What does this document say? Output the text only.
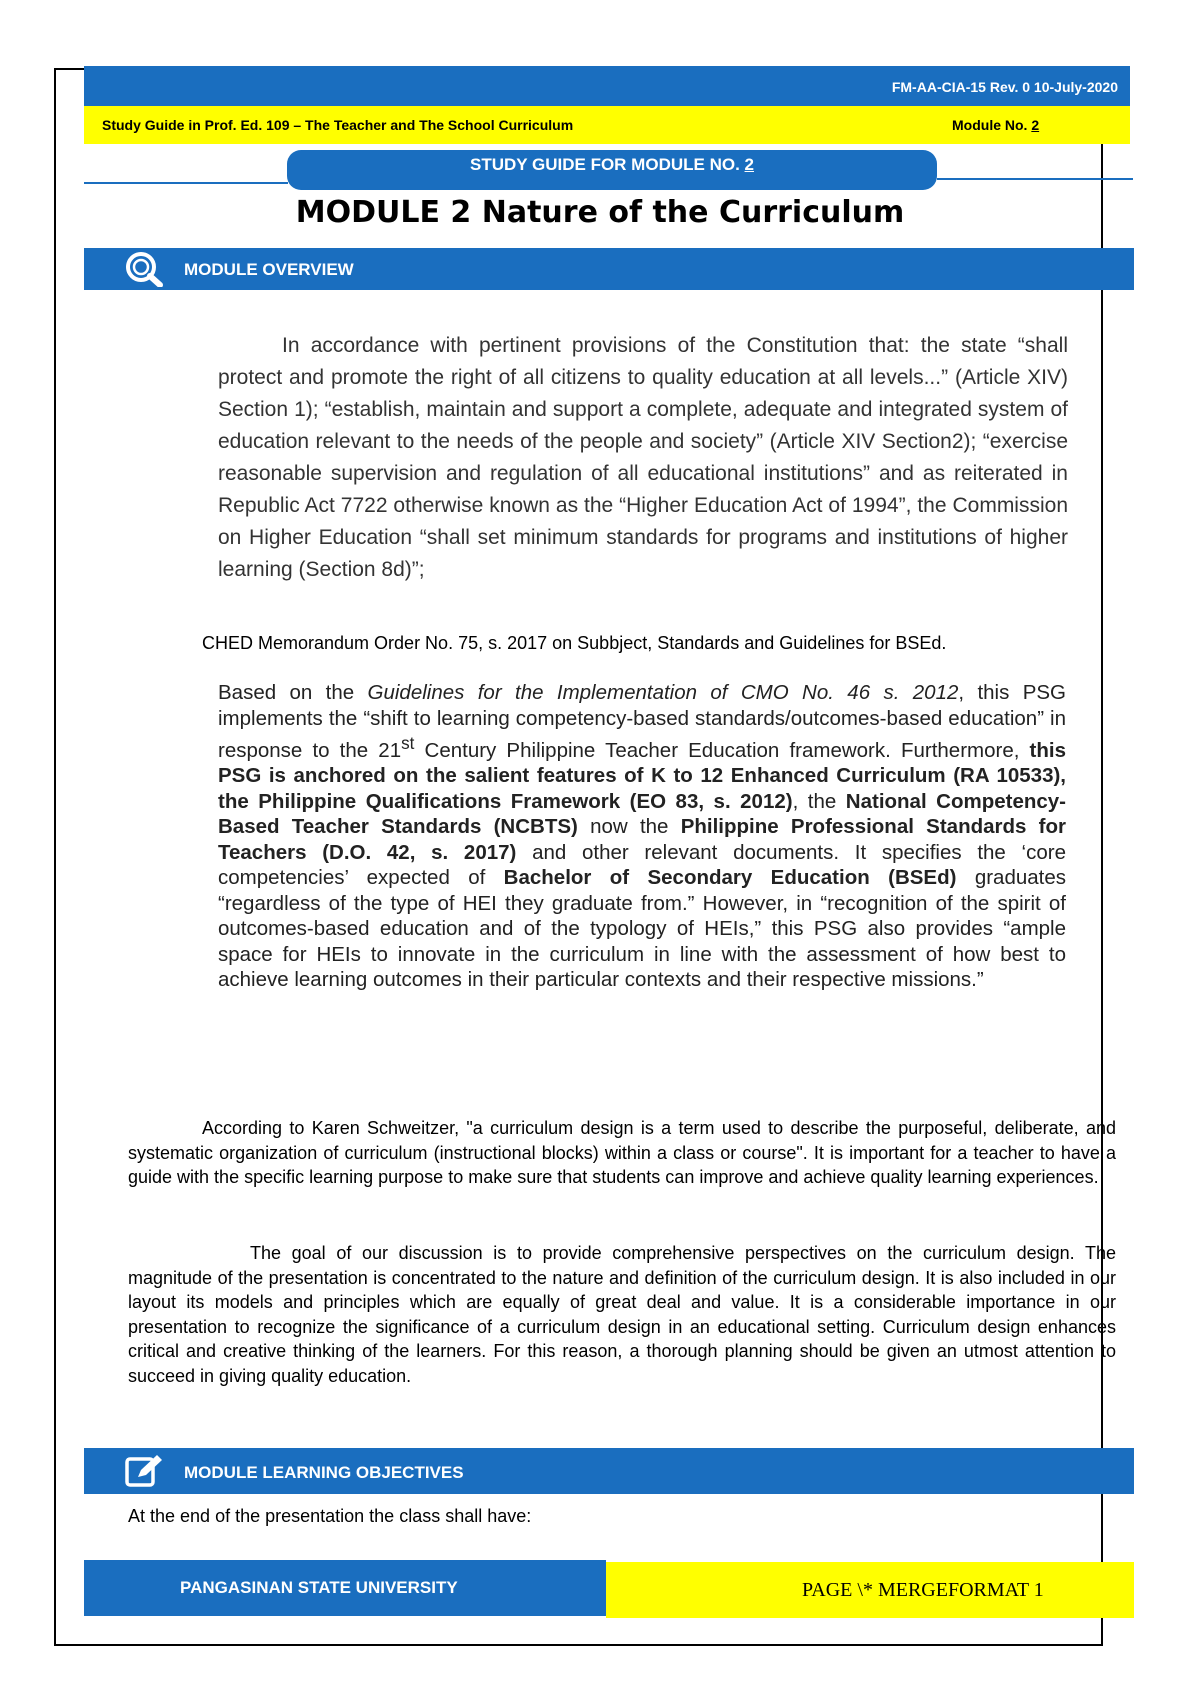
FM-AA-CIA-15 Rev. 0 10-July-2020
Study Guide in Prof. Ed. 109 – The Teacher and The School Curriculum	Module No. 2
STUDY GUIDE FOR MODULE NO. 2
MODULE 2 Nature of the Curriculum
MODULE OVERVIEW
In accordance with pertinent provisions of the Constitution that: the state “shall protect and promote the right of all citizens to quality education at all levels...” (Article XIV) Section 1); “establish, maintain and support a complete, adequate and integrated system of education relevant to the needs of the people and society” (Article XIV Section2); “exercise reasonable supervision and regulation of all educational institutions” and as reiterated in Republic Act 7722 otherwise known as the “Higher Education Act of 1994”, the Commission on Higher Education “shall set minimum standards for programs and institutions of higher learning (Section 8d)”;
CHED Memorandum Order No. 75, s. 2017 on Subbject, Standards and Guidelines for BSEd.
Based on the Guidelines for the Implementation of CMO No. 46 s. 2012, this PSG implements the “shift to learning competency-based standards/outcomes-based education” in response to the 21st Century Philippine Teacher Education framework. Furthermore, this PSG is anchored on the salient features of K to 12 Enhanced Curriculum (RA 10533), the Philippine Qualifications Framework (EO 83, s. 2012), the National Competency-Based Teacher Standards (NCBTS) now the Philippine Professional Standards for Teachers (D.O. 42, s. 2017) and other relevant documents. It specifies the ‘core competencies’ expected of Bachelor of Secondary Education (BSEd) graduates “regardless of the type of HEI they graduate from.” However, in “recognition of the spirit of outcomes-based education and of the typology of HEIs,” this PSG also provides “ample space for HEIs to innovate in the curriculum in line with the assessment of how best to achieve learning outcomes in their particular contexts and their respective missions.”
According to Karen Schweitzer, "a curriculum design is a term used to describe the purposeful, deliberate, and systematic organization of curriculum (instructional blocks) within a class or course". It is important for a teacher to have a guide with the specific learning purpose to make sure that students can improve and achieve quality learning experiences.
The goal of our discussion is to provide comprehensive perspectives on the curriculum design. The magnitude of the presentation is concentrated to the nature and definition of the curriculum design. It is also included in our layout its models and principles which are equally of great deal and value. It is a considerable importance in our presentation to recognize the significance of a curriculum design in an educational setting. Curriculum design enhances critical and creative thinking of the learners. For this reason, a thorough planning should be given an utmost attention to succeed in giving quality education.
MODULE LEARNING OBJECTIVES
At the end of the presentation the class shall have:
PANGASINAN STATE UNIVERSITY	PAGE \* MERGEFORMAT 1
